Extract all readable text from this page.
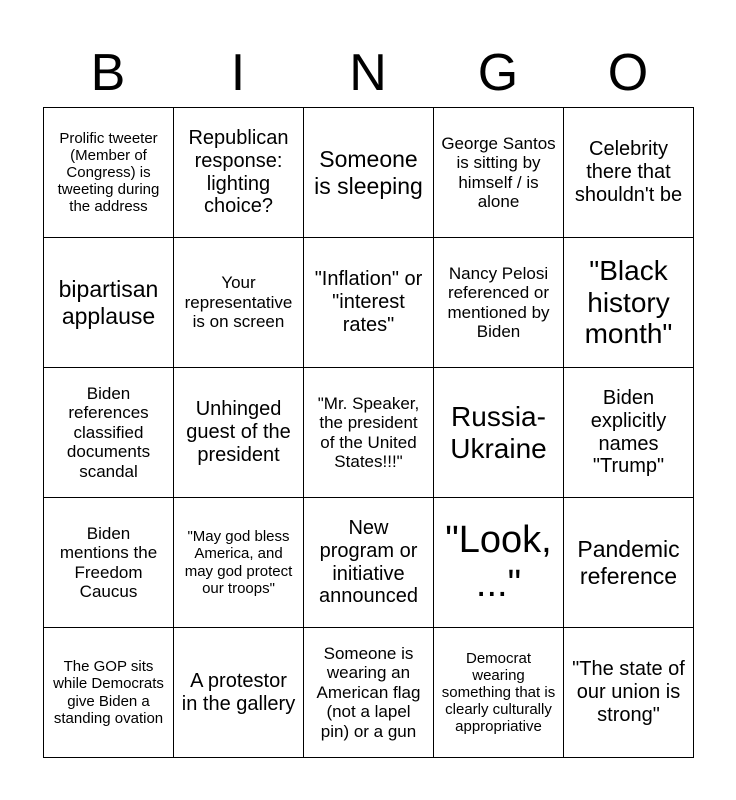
B	I	N	G	O
Prolific tweeter (Member of Congress) is tweeting during the address	Republican response: lighting choice?	Someone is sleeping	George Santos is sitting by himself / is alone	Celebrity there that shouldn't be
bipartisan applause	Your representative is on screen	"Inflation" or "interest rates"	Nancy Pelosi referenced or mentioned by Biden	"Black history month"
Biden references classified documents scandal	Unhinged guest of the president	"Mr. Speaker, the president of the United States!!!"	Russia-Ukraine	Biden explicitly names "Trump"
Biden mentions the Freedom Caucus	"May god bless America, and may god protect our troops"	New program or initiative announced	"Look, ..."	Pandemic reference
The GOP sits while Democrats give Biden a standing ovation	A protestor in the gallery	Someone is wearing an American flag (not a lapel pin) or a gun	Democrat wearing something that is clearly culturally appropriative	"The state of our union is strong"
